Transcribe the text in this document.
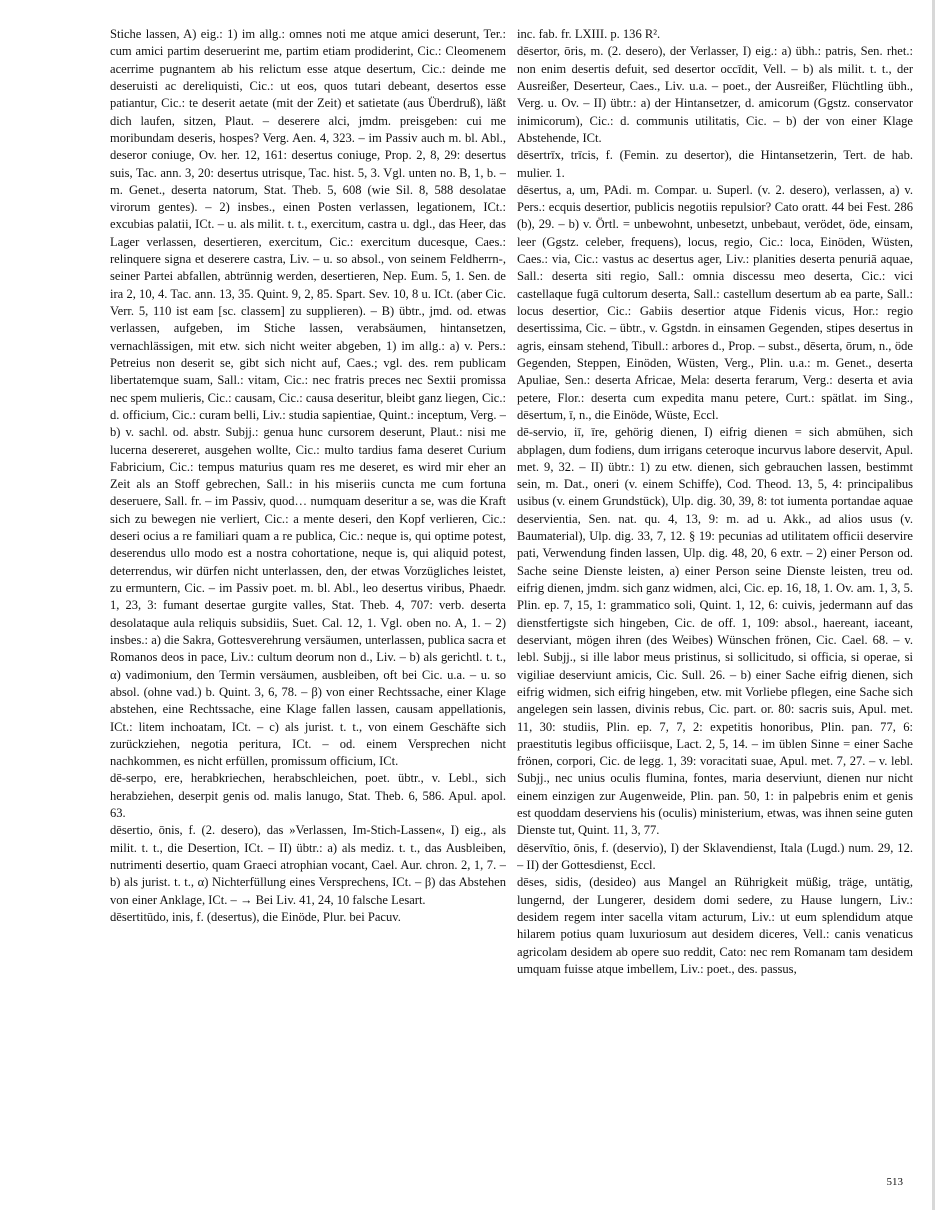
Stiche lassen, A) eig.: 1) im allg.: omnes noti me atque amici deserunt, Ter.: cum amici partim deseruerint me, partim etiam prodiderint, Cic.: Cleomenem acerrime pugnantem ab his relictum esse atque desertum, Cic.: deinde me deseruisti ac dereliquisti, Cic.: ut eos, quos tutari debeant, desertos esse patiantur, Cic.: te deserit aetate (mit der Zeit) et satietate (aus Überdruß), läßt dich laufen, sitzen, Plaut. – deserere alci, jmdm. preisgeben: cui me moribundam deseris, hospes? Verg. Aen. 4, 323. – im Passiv auch m. bl. Abl., deseror coniuge, Ov. her. 12, 161: desertus coniuge, Prop. 2, 8, 29: desertus suis, Tac. ann. 3, 20: desertus utrisque, Tac. hist. 5, 3. Vgl. unten no. B, 1, b. – m. Genet., deserta natorum, Stat. Theb. 5, 608 (wie Sil. 8, 588 desolatae virorum gentes). – 2) insbes., einen Posten verlassen, legationem, ICt.: excubias palatii, ICt. – u. als milit. t. t., exercitum, castra u. dgl., das Heer, das Lager verlassen, desertieren, exercitum, Cic.: exercitum ducesque, Caes.: relinquere signa et deserere castra, Liv. – u. so absol., von seinem Feldherrn-, seiner Partei abfallen, abtrünnig werden, desertieren, Nep. Eum. 5, 1. Sen. de ira 2, 10, 4. Tac. ann. 13, 35. Quint. 9, 2, 85. Spart. Sev. 10, 8 u. ICt. (aber Cic. Verr. 5, 110 ist eam [sc. classem] zu supplieren). – B) übtr., jmd. od. etwas verlassen, aufgeben, im Stiche lassen, verabsäumen, hintansetzen, vernachlässigen, mit etw. sich nicht weiter abgeben, 1) im allg.: a) v. Pers.: Petreius non deserit se, gibt sich nicht auf, Caes.; vgl. des. rem publicam libertatemque suam, Sall.: vitam, Cic.: nec fratris preces nec Sextii promissa nec spem mulieris, Cic.: causam, Cic.: causa deseritur, bleibt ganz liegen, Cic.: d. officium, Cic.: curam belli, Liv.: studia sapientiae, Quint.: inceptum, Verg. – b) v. sachl. od. abstr. Subjj.: genua hunc cursorem deserunt, Plaut.: nisi me lucerna desereret, ausgehen wollte, Cic.: multo tardius fama deseret Curium Fabricium, Cic.: tempus maturius quam res me deseret, es wird mir eher an Zeit als an Stoff gebrechen, Sall.: in his miseriis cuncta me cum fortuna deseruere, Sall. fr. – im Passiv, quod… numquam deseritur a se, was die Kraft sich zu bewegen nie verliert, Cic.: a mente deseri, den Kopf verlieren, Cic.: deseri ocius a re familiari quam a re publica, Cic.: neque is, qui optime potest, deserendus ullo modo est a nostra cohortatione, neque is, qui aliquid potest, deterrendus, wir dürfen nicht unterlassen, den, der etwas Vorzügliches leistet, zu ermuntern, Cic. – im Passiv poet. m. bl. Abl., leo desertus viribus, Phaedr. 1, 23, 3: fumant desertae gurgite valles, Stat. Theb. 4, 707: verb. deserta desolataque aula reliquis subsidiis, Suet. Cal. 12, 1. Vgl. oben no. A, 1. – 2) insbes.: a) die Sakra, Gottesverehrung versäumen, unterlassen, publica sacra et Romanos deos in pace, Liv.: cultum deorum non d., Liv. – b) als gerichtl. t. t., α) vadimonium, den Termin versäumen, ausbleiben, oft bei Cic. u.a. – u. so absol. (ohne vad.) b. Quint. 3, 6, 78. – β) von einer Rechtssache, einer Klage abstehen, eine Rechtssache, eine Klage fallen lassen, causam appellationis, ICt.: litem inchoatam, ICt. – c) als jurist. t. t., von einem Geschäfte sich zurückziehen, negotia peritura, ICt. – od. einem Versprechen nicht nachkommen, es nicht erfüllen, promissum officium, ICt.

dē-serpo, ere, herabkriechen, herabschleichen, poet. übtr., v. Lebl., sich herabziehen, deserpit genis od. malis lanugo, Stat. Theb. 6, 586. Apul. apol. 63.

dēsertio, ōnis, f. (2. desero), das »Verlassen, Im-Stich-Lassen«, I) eig., als milit. t. t., die Desertion, ICt. – II) übtr.: a) als mediz. t. t., das Ausbleiben, nutrimenti desertio, quam Graeci atrophian vocant, Cael. Aur. chron. 2, 1, 7. – b) als jurist. t. t., α) Nichterfüllung eines Versprechens, ICt. – β) das Abstehen von einer Anklage, ICt. – → Bei Liv. 41, 24, 10 falsche Lesart.

dēsertitūdo, inis, f. (desertus), die Einöde, Plur. bei Pacuv.

inc. fab. fr. LXIII. p. 136 R².

dēsertor, ōris, m. (2. desero), der Verlasser, I) eig.: a) übh.: patris, Sen. rhet.: non enim desertis defuit, sed desertor occīdit, Vell. – b) als milit. t. t., der Ausreißer, Deserteur, Caes., Liv. u.a. – poet., der Ausreißer, Flüchtling übh., Verg. u. Ov. – II) übtr.: a) der Hintansetzer, d. amicorum (Ggstz. conservator inimicorum), Cic.: d. communis utilitatis, Cic. – b) der von einer Klage Abstehende, ICt.

dēsertrīx, trīcis, f. (Femin. zu desertor), die Hintansetzerin, Tert. de hab. mulier. 1.

dēsertus, a, um, PAdi. m. Compar. u. Superl. (v. 2. desero), verlassen, a) v. Pers.: ecquis desertior, publicis negotiis repulsior? Cato oratt. 44 bei Fest. 286 (b), 29. – b) v. Örtl. = unbewohnt, unbesetzt, unbebaut, verödet, öde, einsam, leer (Ggstz. celeber, frequens), locus, regio, Cic.: loca, Einöden, Wüsten, Caes.: via, Cic.: vastus ac desertus ager, Liv.: planities deserta penuriā aquae, Sall.: deserta siti regio, Sall.: omnia discessu meo deserta, Cic.: vici castellaque fugā cultorum deserta, Sall.: castellum desertum ab ea parte, Sall.: locus desertior, Cic.: Gabiis desertior atque Fidenis vicus, Hor.: regio desertissima, Cic. – übtr., v. Ggstdn. in einsamen Gegenden, stipes desertus in agris, einsam stehend, Tibull.: arbores d., Prop. – subst., dēserta, ōrum, n., öde Gegenden, Steppen, Einöden, Wüsten, Verg., Plin. u.a.: m. Genet., deserta Apuliae, Sen.: deserta Africae, Mela: deserta ferarum, Verg.: deserta et avia petere, Flor.: deserta cum expedita manu petere, Curt.: spätlat. im Sing., dēsertum, ī, n., die Einöde, Wüste, Eccl.

dē-servio, iī, īre, gehörig dienen, I) eifrig dienen = sich abmühen, sich abplagen, dum fodiens, dum irrigans ceteroque incurvus labore deservit, Apul. met. 9, 32. – II) übtr.: 1) zu etw. dienen, sich gebrauchen lassen, bestimmt sein, m. Dat., oneri (v. einem Schiffe), Cod. Theod. 13, 5, 4: principalibus usibus (v. einem Grundstück), Ulp. dig. 30, 39, 8: tot iumenta portandae aquae deservientia, Sen. nat. qu. 4, 13, 9: m. ad u. Akk., ad alios usus (v. Baumaterial), Ulp. dig. 33, 7, 12. § 19: pecunias ad utilitatem officii deservire pati, Verwendung finden lassen, Ulp. dig. 48, 20, 6 extr. – 2) einer Person od. Sache seine Dienste leisten, a) einer Person seine Dienste leisten, treu od. eifrig dienen, jmdm. sich ganz widmen, alci, Cic. ep. 16, 18, 1. Ov. am. 1, 3, 5. Plin. ep. 7, 15, 1: grammatico soli, Quint. 1, 12, 6: cuivis, jedermann auf das dienstfertigste sich hingeben, Cic. de off. 1, 109: absol., haereant, iaceant, deserviant, mögen ihren (des Weibes) Wünschen frönen, Cic. Cael. 68. – v. lebl. Subjj., si ille labor meus pristinus, si sollicitudo, si officia, si operae, si vigiliae deserviunt amicis, Cic. Sull. 26. – b) einer Sache eifrig dienen, sich eifrig widmen, sich eifrig hingeben, etw. mit Vorliebe pflegen, eine Sache sich angelegen sein lassen, divinis rebus, Cic. part. or. 80: sacris suis, Apul. met. 11, 30: studiis, Plin. ep. 7, 7, 2: expetitis honoribus, Plin. pan. 77, 6: praestitutis legibus officiisque, Lact. 2, 5, 14. – im üblen Sinne = einer Sache frönen, corpori, Cic. de legg. 1, 39: voracitati suae, Apul. met. 7, 27. – v. lebl. Subjj., nec unius oculis flumina, fontes, maria deserviunt, dienen nur nicht einem einzigen zur Augenweide, Plin. pan. 50, 1: in palpebris enim et genis est quoddam deserviens his (oculis) ministerium, etwas, was ihnen seine guten Dienste tut, Quint. 11, 3, 77.

dēservītio, ōnis, f. (deservio), I) der Sklavendienst, Itala (Lugd.) num. 29, 12. – II) der Gottesdienst, Eccl.

dēses, sidis, (desideo) aus Mangel an Rührigkeit müßig, träge, untätig, lungernd, der Lungerer, desidem domi sedere, zu Hause lungern, Liv.: desidem regem inter sacella vitam acturum, Liv.: ut eum splendidum atque hilarem potius quam luxuriosum aut desidem diceres, Vell.: canis venaticus agricolam desidem ab opere suo reddit, Cato: nec rem Romanam tam desidem umquam fuisse atque imbellem, Liv.: poet., des. passus,

513
